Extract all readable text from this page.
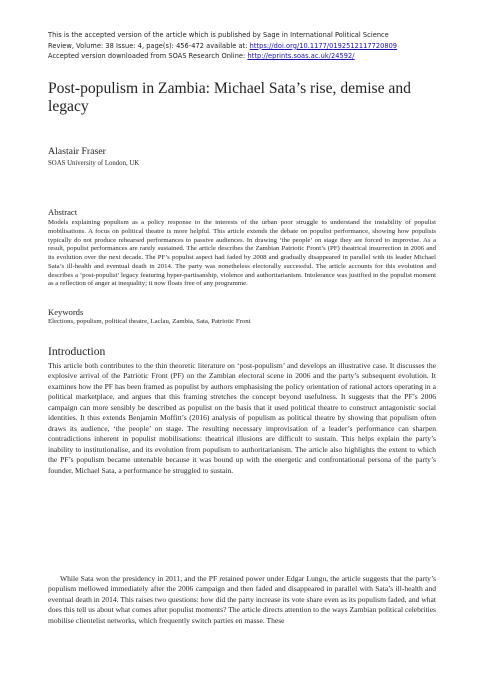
This is the accepted version of the article which is published by Sage in International Political Science
Review, Volume: 38 Issue: 4, page(s): 456-472 available at: https://doi.org/10.1177/0192512117720809
Accepted version downloaded from SOAS Research Online: http://eprints.soas.ac.uk/24592/
Post-populism in Zambia: Michael Sata’s rise, demise and legacy
Alastair Fraser
SOAS University of London, UK
Abstract
Models explaining populism as a policy response to the interests of the urban poor struggle to understand the instability of populist mobilisations. A focus on political theatre is more helpful. This article extends the debate on populist performance, showing how populists typically do not produce rehearsed performances to passive audiences. In drawing ‘the people’ on stage they are forced to improvise. As a result, populist performances are rarely sustained. The article describes the Zambian Patriotic Front’s (PF) theatrical insurrection in 2006 and its evolution over the next decade. The PF’s populist aspect had faded by 2008 and gradually disappeared in parallel with its leader Michael Sata’s ill-health and eventual death in 2014. The party was nonetheless electorally successful. The article accounts for this evolution and describes a ‘post-populist’ legacy featuring hyper-partisanship, violence and authoritarianism. Intolerance was justified in the populist moment as a reflection of anger at inequality; it now floats free of any programme.
Keywords
Elections, populism, political theatre, Laclau, Zambia, Sata, Patriotic Front
Introduction

This article both contributes to the thin theoretic literature on ‘post-populism’ and develops an illustrative case. It discusses the explosive arrival of the Patriotic Front (PF) on the Zambian electoral scene in 2006 and the party’s subsequent evolution. It examines how the PF has been framed as populist by authors emphasising the policy orientation of rational actors operating in a political marketplace, and argues that this framing stretches the concept beyond usefulness. It suggests that the PF’s 2006 campaign can more sensibly be described as populist on the basis that it used political theatre to construct antagonistic social identities. It thus extends Benjamin Moffitt’s (2016) analysis of populism as political theatre by showing that populism often draws its audience, ‘the people’ on stage. The resulting necessary improvisation of a leader’s performance can sharpen contradictions inherent in populist mobilisations: theatrical illusions are difficult to sustain. This helps explain the party’s inability to institutionalise, and its evolution from populism to authoritarianism. The article also highlights the extent to which the PF’s populism became untenable because it was bound up with the energetic and confrontational persona of the party’s founder, Michael Sata, a performance he struggled to sustain.

While Sata won the presidency in 2011, and the PF retained power under Edgar Lungu, the article suggests that the party’s populism mellowed immediately after the 2006 campaign and then faded and disappeared in parallel with Sata’s ill-health and eventual death in 2014. This raises two questions: how did the party increase its vote share even as its populism faded, and what does this tell us about what comes after populist moments? The article directs attention to the ways Zambian political celebrities mobilise clientelist networks, which frequently switch parties en masse. These
